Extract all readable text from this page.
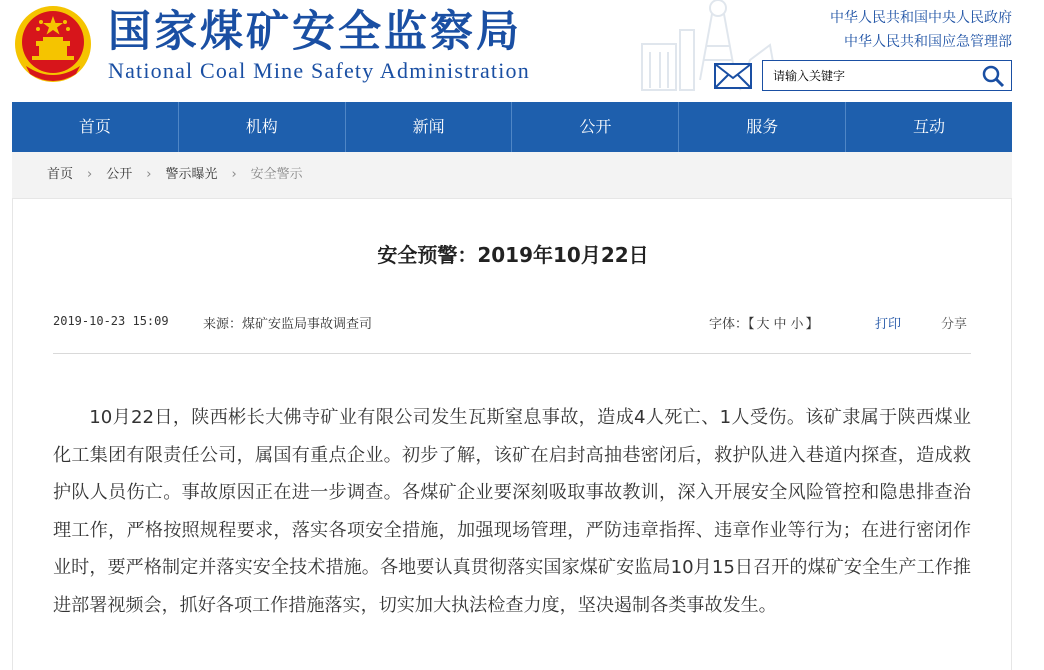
国家煤矿安全监察局
National Coal Mine Safety Administration
中华人民共和国中央人民政府
中华人民共和国应急管理部
请输入关键字
首页	机构	新闻	公开	服务	互动
首页 › 公开 › 警示曝光 › 安全警示
安全预警：2019年10月22日
2019-10-23 15:09	来源：煤矿安监局事故调查司	字体：【 大 中 小 】	打印	分享

10月22日，陕西彬长大佛寺矿业有限公司发生瓦斯窒息事故，造成4人死亡、1人受伤。该矿隶属于陕西煤业化工集团有限责任公司，属国有重点企业。初步了解，该矿在启封高抽巷密闭后，救护队进入巷道内探查，造成救护队人员伤亡。事故原因正在进一步调查。各煤矿企业要深刻吸取事故教训，深入开展安全风险管控和隐患排查治理工作，严格按照规程要求，落实各项安全措施，加强现场管理，严防违章指挥、违章作业等行为；在进行密闭作业时，要严格制定并落实安全技术措施。各地要认真贯彻落实国家煤矿安监局10月15日召开的煤矿安全生产工作推进部署视频会，抓好各项工作措施落实，切实加大执法检查力度，坚决遏制各类事故发生。
